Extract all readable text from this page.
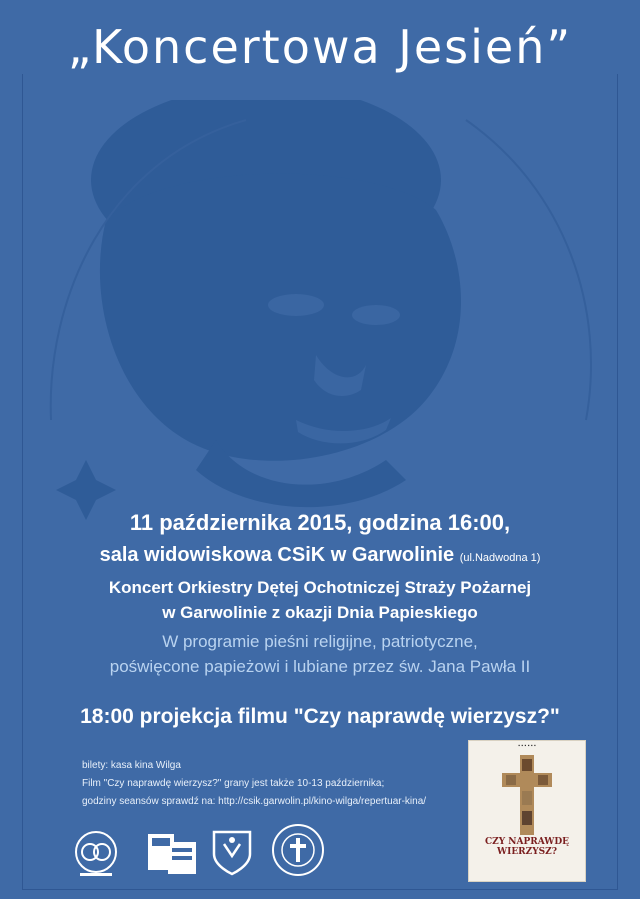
„Koncertowa Jesień”
11 października 2015, godzina 16:00,
sala widowiskowa CSiK w Garwolinie (ul.Nadwodna 1)
Koncert Orkiestry Dętej Ochotniczej Straży Pożarnej
w Garwolinie z okazji Dnia Papieskiego
W programie pieśni religijne, patriotyczne,
poświęcone papieżowi i lubiane przez św. Jana Pawła II
18:00 projekcja filmu "Czy naprawdę wierzysz?"
bilety: kasa kina Wilga
Film "Czy naprawdę wierzysz?" grany jest także 10-13 października;
godziny seansów sprawdź na: http://csik.garwolin.pl/kino-wilga/repertuar-kina/
▪ ▪ ▪ ▪ ▪ ▪
CZY NAPRAWDĘ WIERZYSZ?
